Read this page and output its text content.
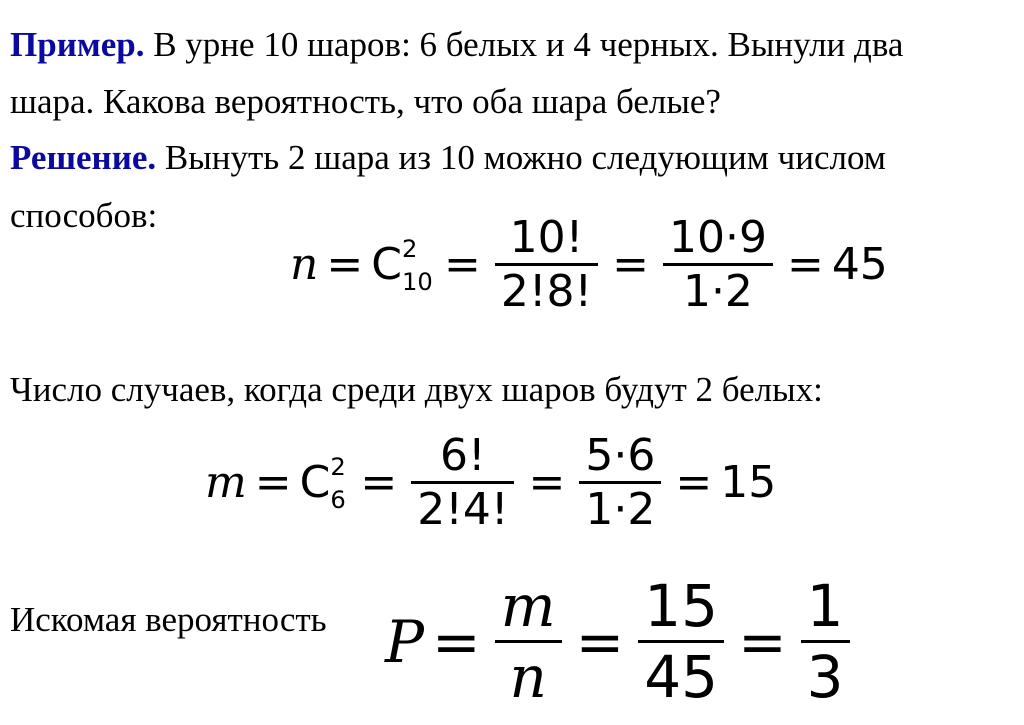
Пример. В урне 10 шаров: 6 белых и 4 черных. Вынули два
шара. Какова вероятность, что оба шара белые?
Решение. Вынуть 2 шара из 10 можно следующим числом
способов:
n = C 2
$10 = \frac{10!}{2!8!} = \frac{10\cdot 9}{1\cdot 2} = 45$
Число случаев, когда среди двух шаров будут 2 белых:
m = C 2
$6 = \frac{6!}{2!4!} = \frac{5\cdot 6}{1\cdot 2} = 15$
Искомая вероятность $P = \frac{m}{n} = \frac{15}{45} = \frac{1}{3}$
